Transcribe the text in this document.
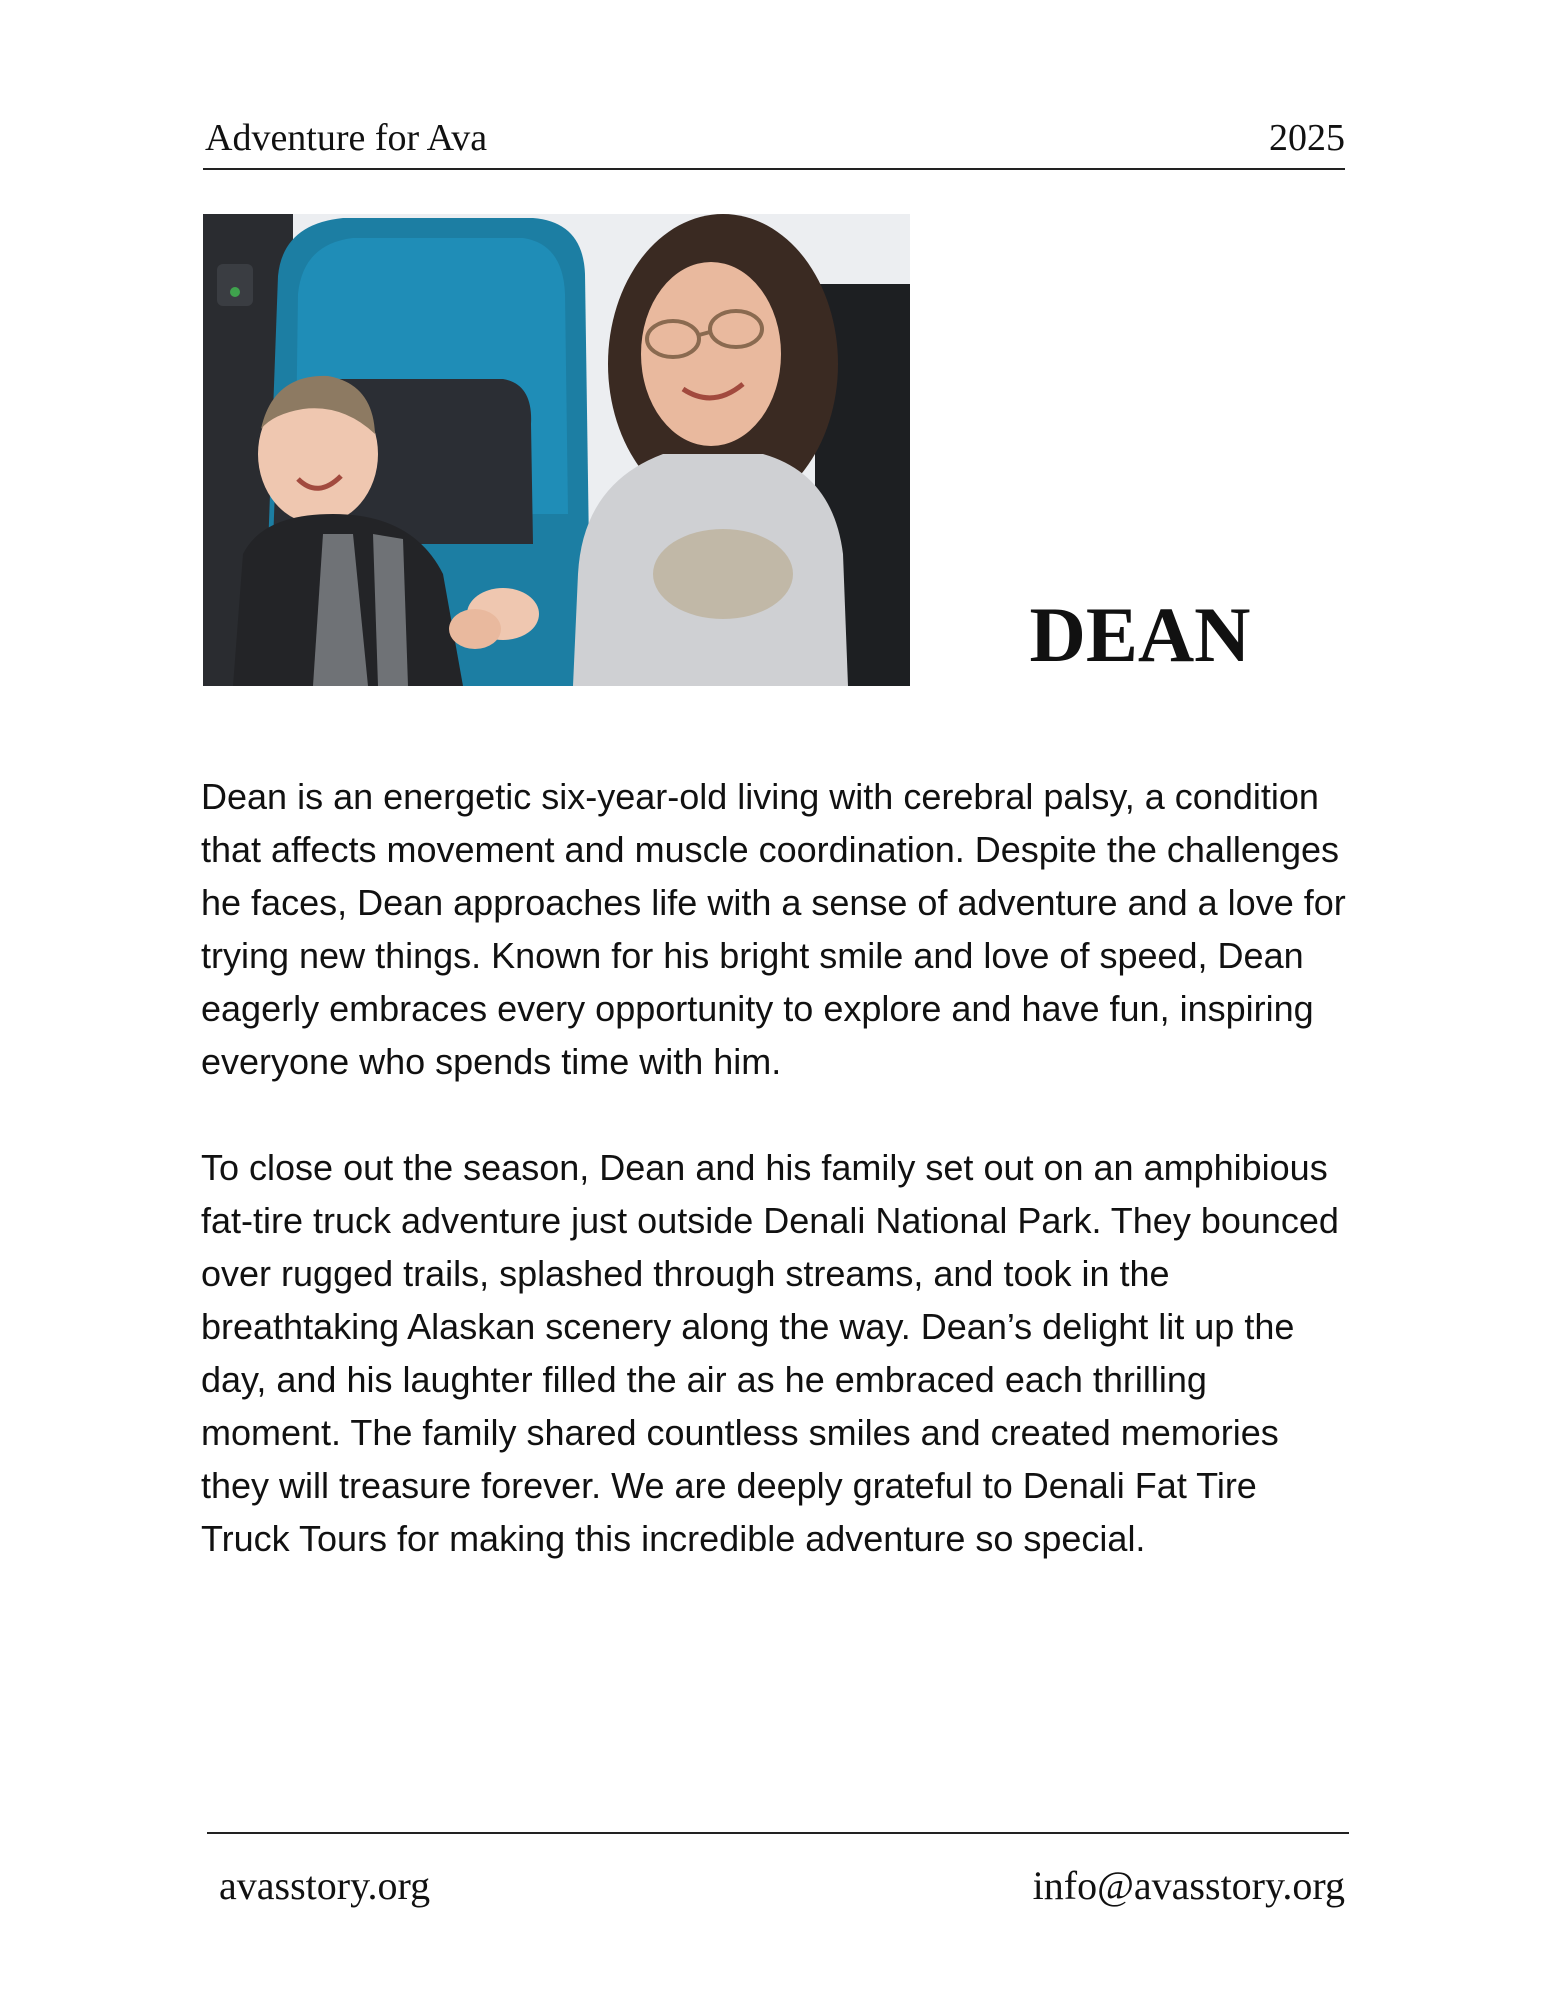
Adventure for Ava	2025
DEAN

Dean is an energetic six-year-old living with cerebral palsy, a condition that affects movement and muscle coordination. Despite the challenges he faces, Dean approaches life with a sense of adventure and a love for trying new things. Known for his bright smile and love of speed, Dean eagerly embraces every opportunity to explore and have fun, inspiring everyone who spends time with him.

To close out the season, Dean and his family set out on an amphibious fat-tire truck adventure just outside Denali National Park. They bounced over rugged trails, splashed through streams, and took in the breathtaking Alaskan scenery along the way. Dean’s delight lit up the day, and his laughter filled the air as he embraced each thrilling moment. The family shared countless smiles and created memories they will treasure forever. We are deeply grateful to Denali Fat Tire Truck Tours for making this incredible adventure so special.

avasstory.org	info@avasstory.org
